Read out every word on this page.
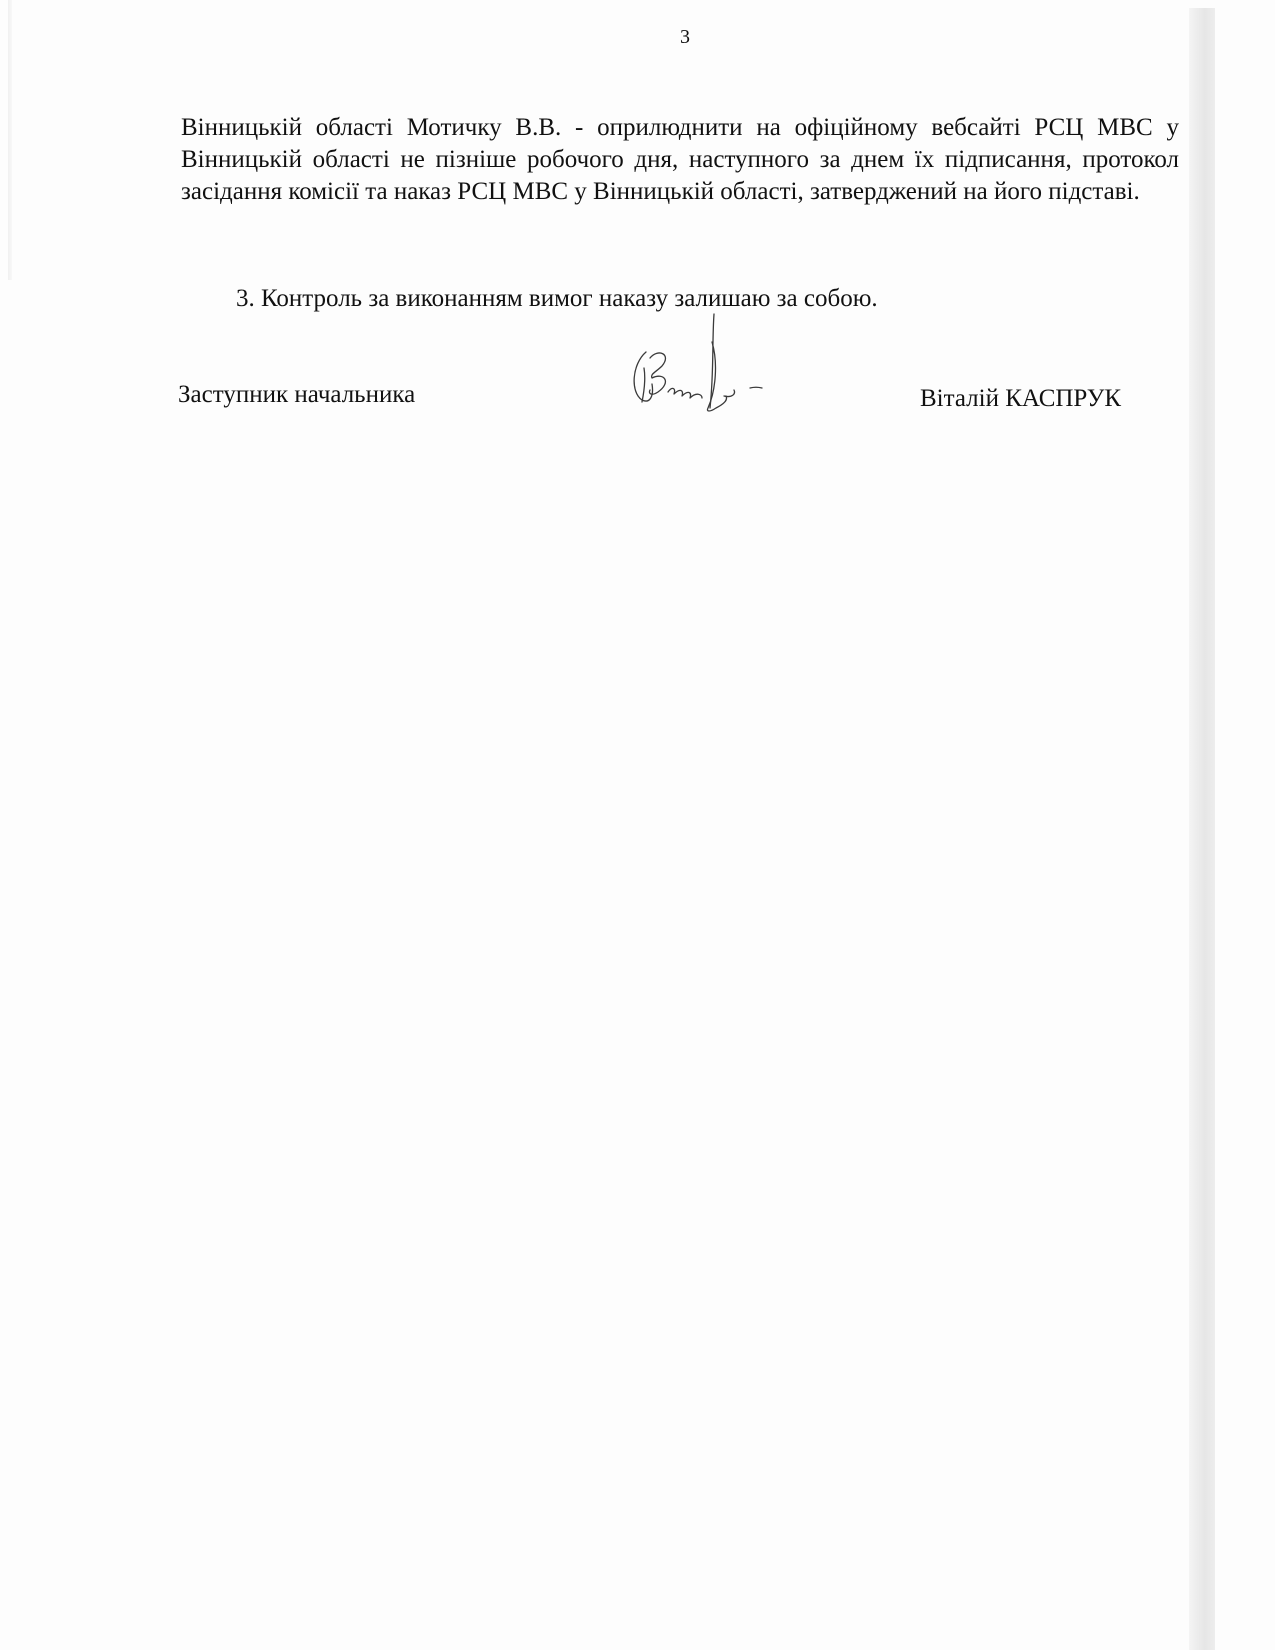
3

Вінницькій області Мотичку В.В. - оприлюднити на офіційному вебсайті РСЦ МВС у Вінницькій області не пізніше робочого дня, наступного за днем їх підписання, протокол засідання комісії та наказ РСЦ МВС у Вінницькій області, затверджений на його підставі.

3. Контроль за виконанням вимог наказу залишаю за собою.

Заступник начальника	Віталій КАСПРУК
